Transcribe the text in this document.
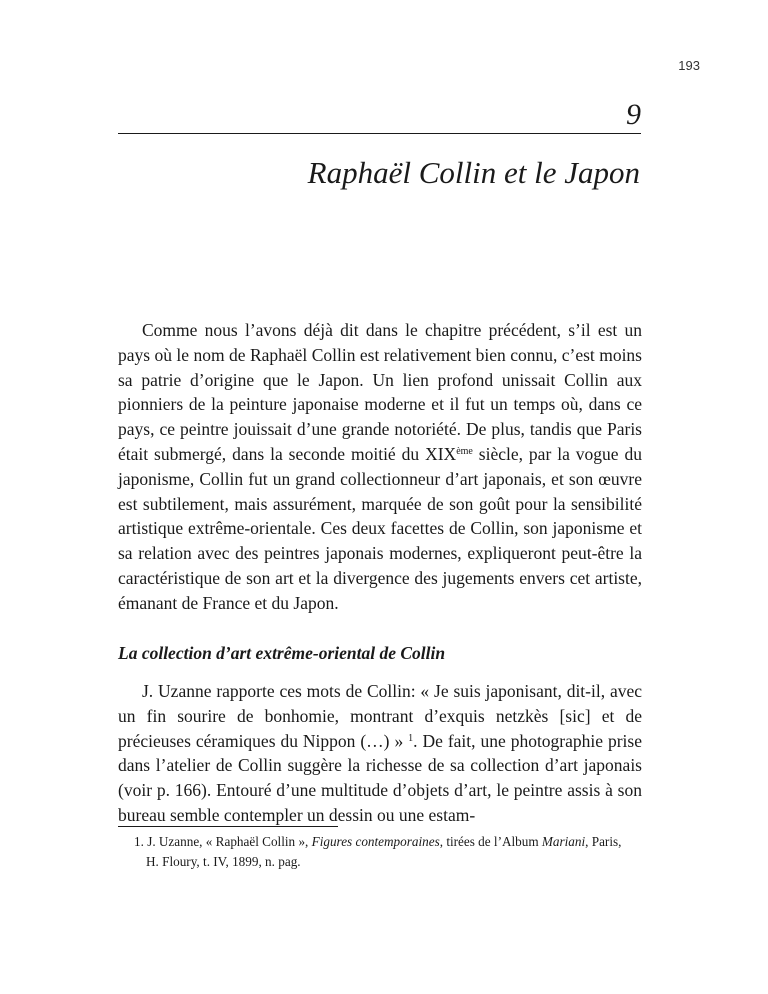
193
9
Raphaël Collin et le Japon

Comme nous l’avons déjà dit dans le chapitre précédent, s’il est un pays où le nom de Raphaël Collin est relativement bien connu, c’est moins sa patrie d’origine que le Japon. Un lien profond unissait Collin aux pionniers de la peinture japonaise moderne et il fut un temps où, dans ce pays, ce peintre jouissait d’une grande notoriété. De plus, tandis que Paris était submergé, dans la seconde moitié du XIXème siècle, par la vogue du japonisme, Collin fut un grand collectionneur d’art japonais, et son œuvre est subtilement, mais assurément, marquée de son goût pour la sensibilité artistique extrême-orientale. Ces deux facettes de Collin, son japonisme et sa relation avec des peintres japonais modernes, expliqueront peut-être la caractéristique de son art et la divergence des jugements envers cet artiste, émanant de France et du Japon.

La collection d’art extrême-oriental de Collin

J. Uzanne rapporte ces mots de Collin: « Je suis japonisant, dit-il, avec un fin sourire de bonhomie, montrant d’exquis netzkès [sic] et de précieuses céramiques du Nippon (…) » $^1$. De fait, une photographie prise dans l’atelier de Collin suggère la richesse de sa collection d’art japonais (voir p. 166). Entouré d’une multitude d’objets d’art, le peintre assis à son bureau semble contempler un dessin ou une estam-

1. J. Uzanne, « Raphaël Collin », Figures contemporaines, tirées de l’Album Mariani, Paris,
H. Floury, t. IV, 1899, n. pag.
